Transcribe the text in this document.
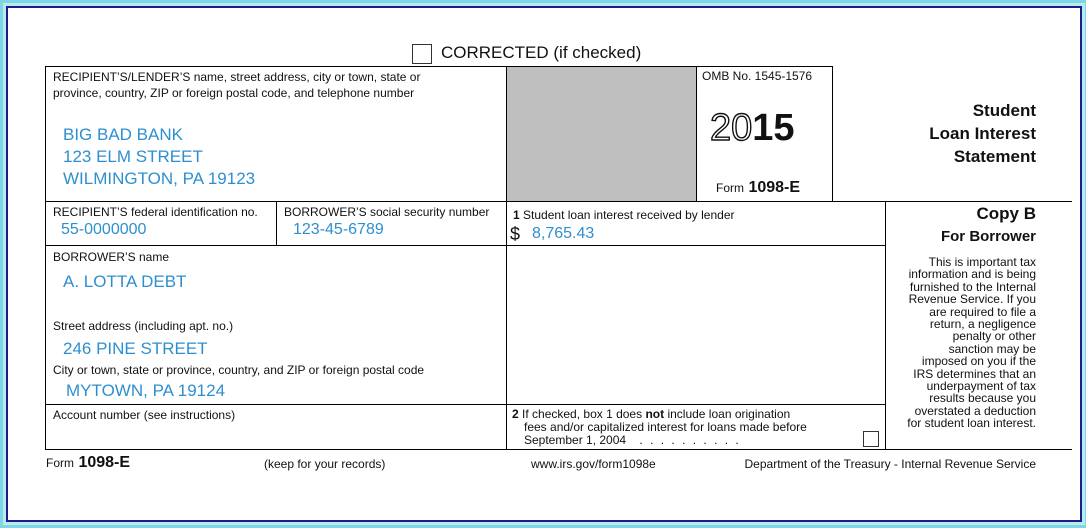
CORRECTED (if checked)
RECIPIENT’S/LENDER’S name, street address, city or town, state or
province, country, ZIP or foreign postal code, and telephone number
BIG BAD BANK
123 ELM STREET
WILMINGTON, PA 19123
OMB No. 1545-1576
2015
Form 1098-E
Student
Loan Interest
Statement
RECIPIENT’S federal identification no.
55-0000000
BORROWER’S social security number
123-45-6789
1 Student loan interest received by lender
$ 8,765.43
BORROWER’S name
A. LOTTA DEBT
Street address (including apt. no.)
246 PINE STREET
City or town, state or province, country, and ZIP or foreign postal code
MYTOWN, PA 19124
Account number (see instructions)	2 If checked, box 1 does not include loan origination
fees and/or capitalized interest for loans made before
September 1, 2004 . . . . . . . . . .
Copy B
For Borrower
This is important tax
information and is being
furnished to the Internal
Revenue Service. If you
are required to file a
return, a negligence
penalty or other
sanction may be
imposed on you if the
IRS determines that an
underpayment of tax
results because you
overstated a deduction
for student loan interest.
Form 1098-E	(keep for your records)	www.irs.gov/form1098e	Department of the Treasury - Internal Revenue Service
